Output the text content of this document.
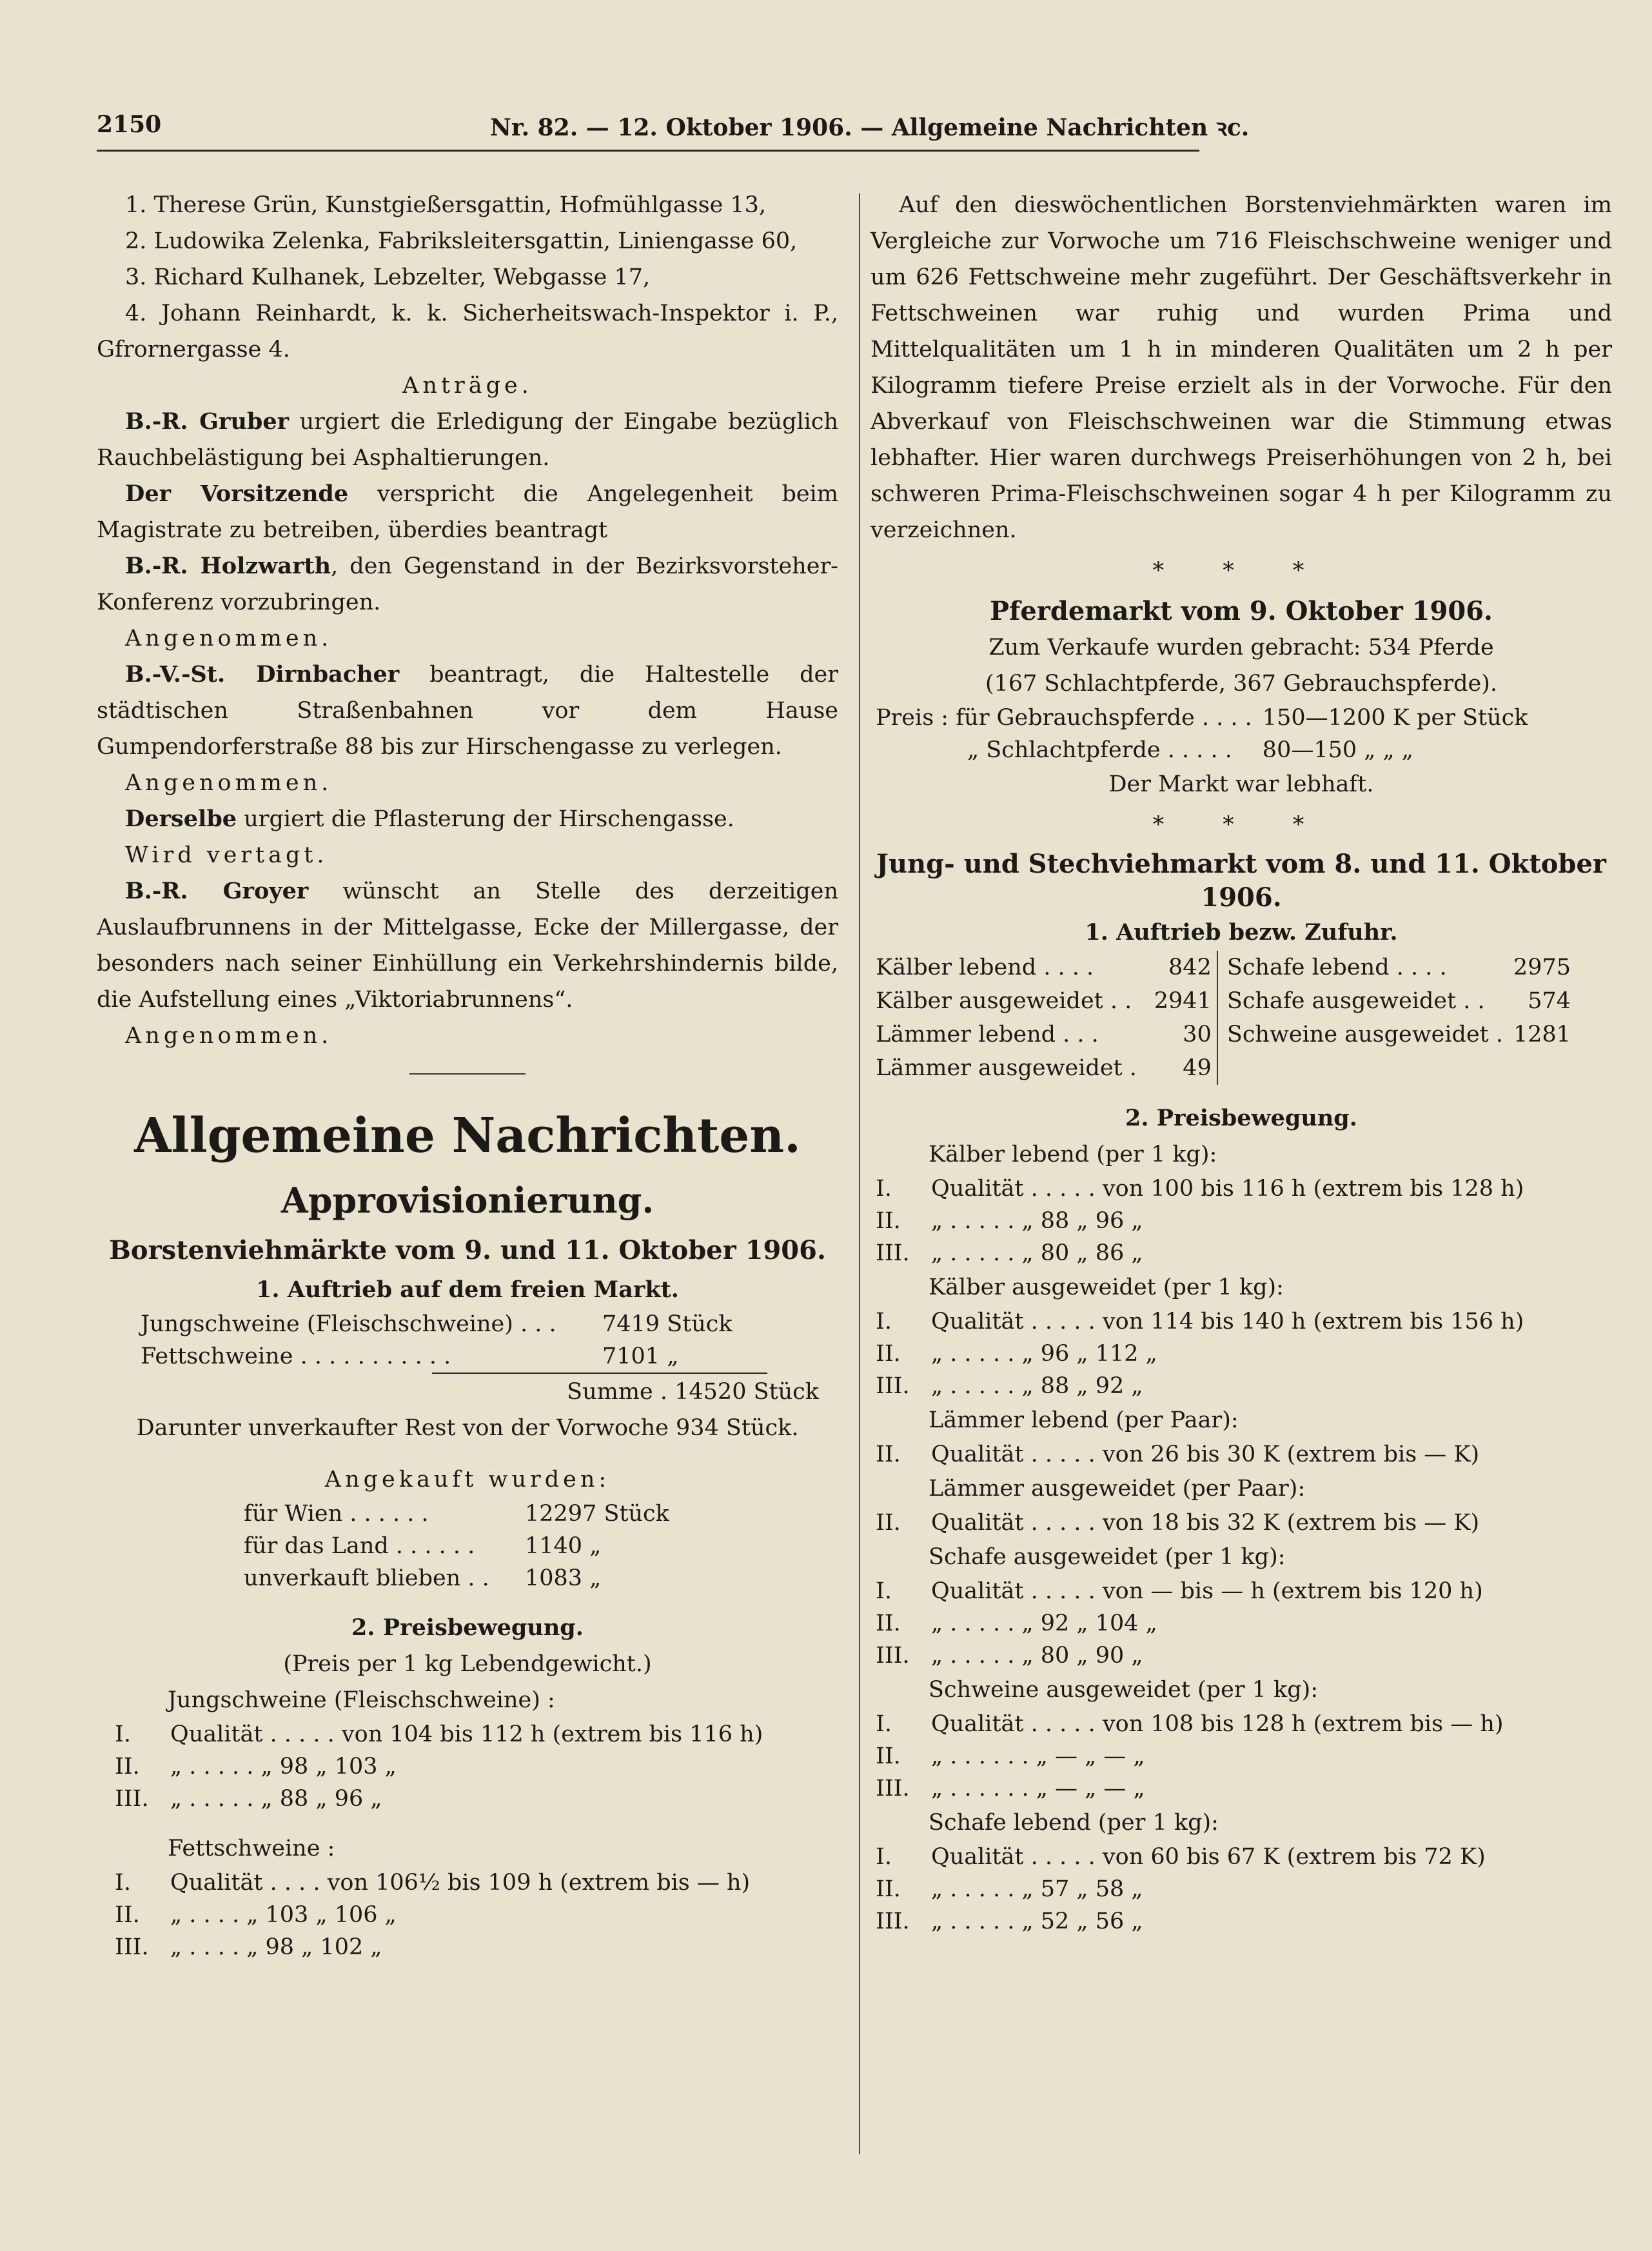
2150	Nr. 82. — 12. Oktober 1906. — Allgemeine Nachrichten ꝛc.

1. Therese Grün, Kunstgießersgattin, Hofmühlgasse 13,

2. Ludowika Zelenka, Fabriksleitersgattin, Liniengasse 60,

3. Richard Kulhanek, Lebzelter, Webgasse 17,

4. Johann Reinhardt, k. k. Sicherheitswach-Inspektor i. P., Gfrornergasse 4.

Anträge.

B.-R. Gruber urgiert die Erledigung der Eingabe bezüglich Rauchbelästigung bei Asphaltierungen.

Der Vorsitzende verspricht die Angelegenheit beim Magistrate zu betreiben, überdies beantragt

B.-R. Holzwarth, den Gegenstand in der Bezirksvorsteher-Konferenz vorzubringen.

Angenommen.

B.-V.-St. Dirnbacher beantragt, die Haltestelle der städtischen Straßenbahnen vor dem Hause Gumpendorferstraße 88 bis zur Hirschengasse zu verlegen.

Angenommen.

Derselbe urgiert die Pflasterung der Hirschengasse.

Wird vertagt.

B.-R. Groyer wünscht an Stelle des derzeitigen Auslaufbrunnens in der Mittelgasse, Ecke der Millergasse, der besonders nach seiner Einhüllung ein Verkehrshindernis bilde, die Aufstellung eines „Viktoriabrunnens“.

Angenommen.

Allgemeine Nachrichten.
Approvisionierung.
Borstenviehmärkte vom 9. und 11. Oktober 1906.

1. Auftrieb auf dem freien Markt.

Jungschweine (Fleischschweine) . . .	7419 Stück
Fettschweine . . . . . . . . . . .	7101 „

Summe . 14520 Stück

Darunter unverkaufter Rest von der Vorwoche 934 Stück.

Angekauft wurden:

für Wien . . . . . .	12297 Stück
für das Land . . . . . .	1140 „
unverkauft blieben . .	1083 „

2. Preisbewegung.

(Preis per 1 kg Lebendgewicht.)

Jungschweine (Fleischschweine) :

I.	Qualität . . . . . von 104 bis 112 h (extrem bis 116 h)
II.	„ . . . . . „ 98 „ 103 „
III.	„ . . . . . „ 88 „ 96 „

Fettschweine :

I.	Qualität . . . . von 106½ bis 109 h (extrem bis — h)
II.	„ . . . . „ 103 „ 106 „
III.	„ . . . . „ 98 „ 102 „

Auf den dieswöchentlichen Borstenviehmärkten waren im Vergleiche zur Vorwoche um 716 Fleischschweine weniger und um 626 Fettschweine mehr zugeführt. Der Geschäftsverkehr in Fettschweinen war ruhig und wurden Prima und Mittelqualitäten um 1 h in minderen Qualitäten um 2 h per Kilogramm tiefere Preise erzielt als in der Vorwoche. Für den Abverkauf von Fleischschweinen war die Stimmung etwas lebhafter. Hier waren durchwegs Preiserhöhungen von 2 h, bei schweren Prima-Fleischschweinen sogar 4 h per Kilogramm zu verzeichnen.

* * *

Pferdemarkt vom 9. Oktober 1906.

Zum Verkaufe wurden gebracht: 534 Pferde

(167 Schlachtpferde, 367 Gebrauchspferde).

Preis : für Gebrauchspferde . . . .	150—1200 K per Stück
„ Schlachtpferde . . . . .	80—150 „ „ „

Der Markt war lebhaft.

* * *

Jung- und Stechviehmarkt vom 8. und 11. Oktober 1906.

1. Auftrieb bezw. Zufuhr.

Kälber lebend . . . .	842	Schafe lebend . . . .	2975
Kälber ausgeweidet . .	2941	Schafe ausgeweidet . .	574
Lämmer lebend . . .	30	Schweine ausgeweidet .	1281
Lämmer ausgeweidet .	49		

2. Preisbewegung.

Kälber lebend (per 1 kg):

I.	Qualität . . . . . von 100 bis 116 h (extrem bis 128 h)
II.	„ . . . . . „ 88 „ 96 „
III.	„ . . . . . „ 80 „ 86 „

Kälber ausgeweidet (per 1 kg):

I.	Qualität . . . . . von 114 bis 140 h (extrem bis 156 h)
II.	„ . . . . . „ 96 „ 112 „
III.	„ . . . . . „ 88 „ 92 „

Lämmer lebend (per Paar):

II.	Qualität . . . . . von 26 bis 30 K (extrem bis — K)

Lämmer ausgeweidet (per Paar):

II.	Qualität . . . . . von 18 bis 32 K (extrem bis — K)

Schafe ausgeweidet (per 1 kg):

I.	Qualität . . . . . von — bis — h (extrem bis 120 h)
II.	„ . . . . . „ 92 „ 104 „
III.	„ . . . . . „ 80 „ 90 „

Schweine ausgeweidet (per 1 kg):

I.	Qualität . . . . . von 108 bis 128 h (extrem bis — h)
II.	„ . . . . . . „ — „ — „
III.	„ . . . . . . „ — „ — „

Schafe lebend (per 1 kg):

I.	Qualität . . . . . von 60 bis 67 K (extrem bis 72 K)
II.	„ . . . . . „ 57 „ 58 „
III.	„ . . . . . „ 52 „ 56 „
